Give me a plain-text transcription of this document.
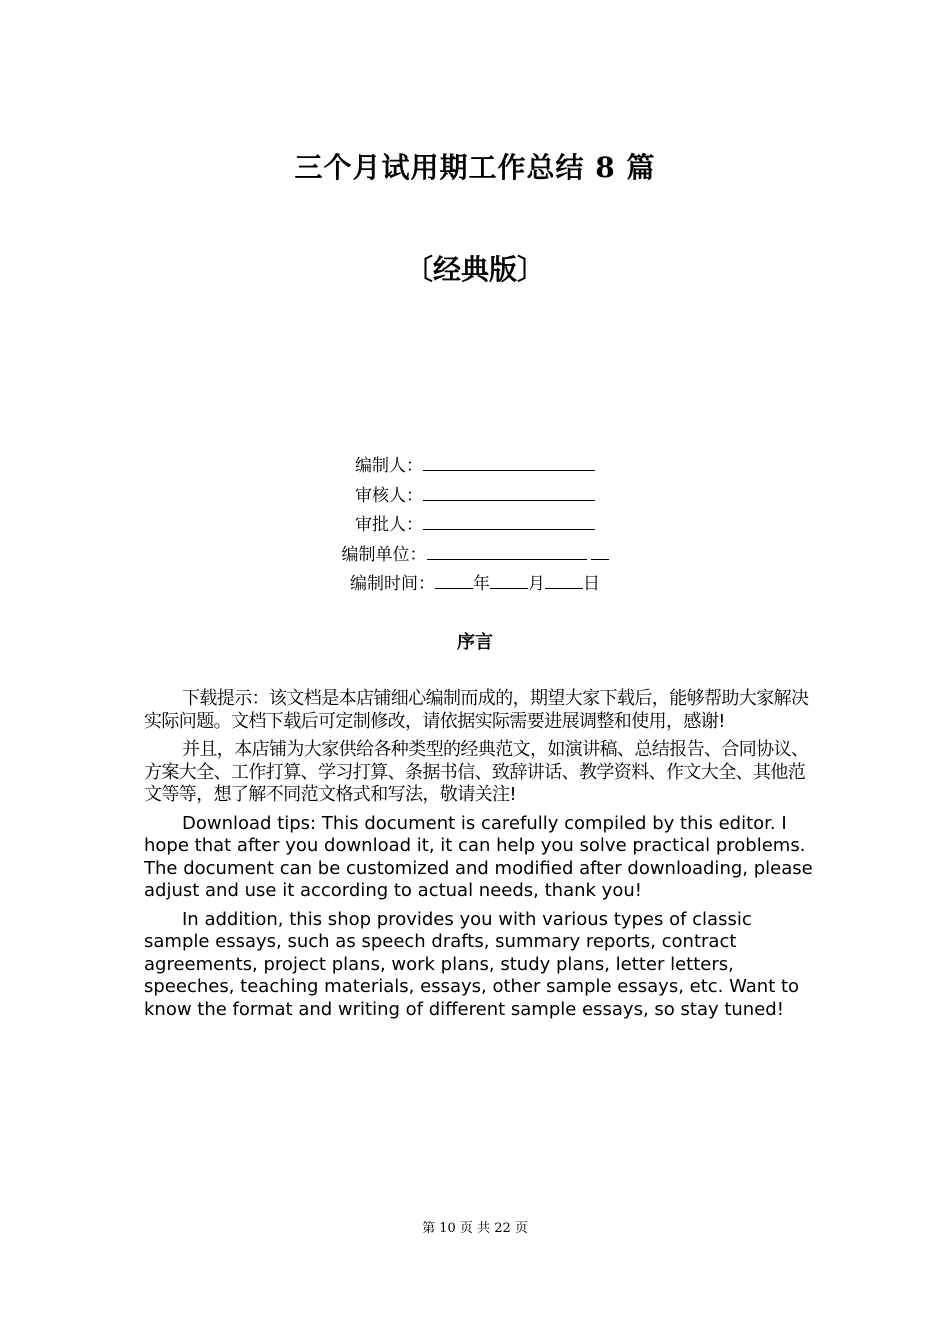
三个月试用期工作总结 8 篇
〔经典版〕
编制人：
审核人：
审批人：
编制单位：
编制时间： 年 月 日
序言

下载提示：该文档是本店铺细心编制而成的，期望大家下载后，能够帮助大家解决实际问题。文档下载后可定制修改，请依据实际需要进展调整和使用，感谢!

并且，本店铺为大家供给各种类型的经典范文，如演讲稿、总结报告、合同协议、方案大全、工作打算、学习打算、条据书信、致辞讲话、教学资料、作文大全、其他范文等等，想了解不同范文格式和写法，敬请关注!

Download tips: This document is carefully compiled by this editor. I hope that after you download it, it can help you solve practical problems. The document can be customized and modified after downloading, please adjust and use it according to actual needs, thank you!

In addition, this shop provides you with various types of classic sample essays, such as speech drafts, summary reports, contract agreements, project plans, work plans, study plans, letter letters, speeches, teaching materials, essays, other sample essays, etc. Want to know the format and writing of different sample essays, so stay tuned!

第 10 页 共 22 页
